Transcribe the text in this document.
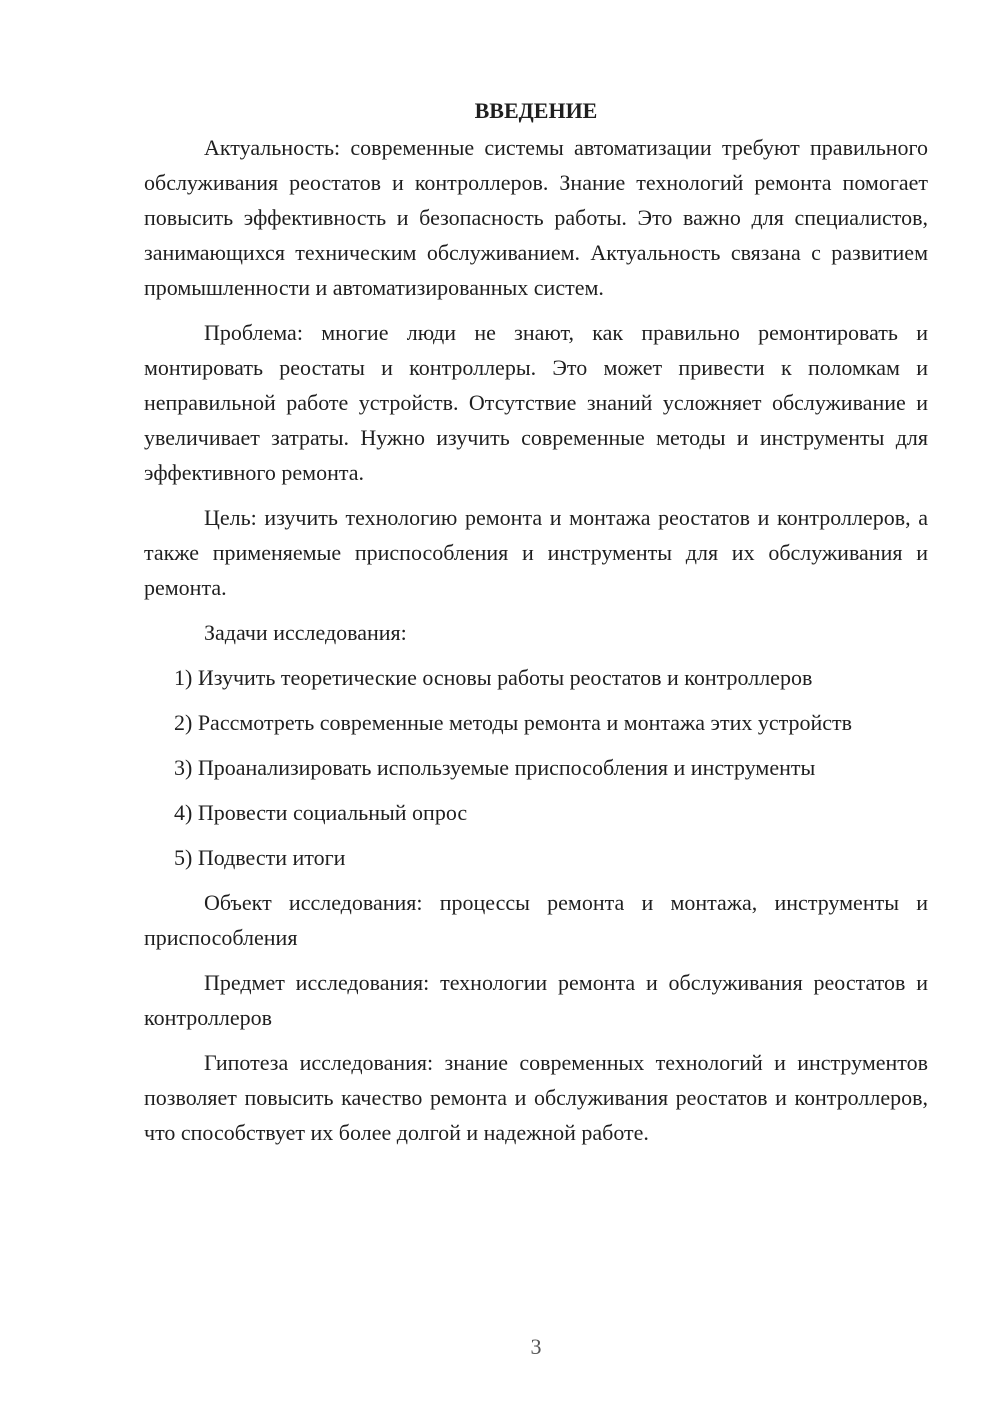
ВВЕДЕНИЕ

Актуальность: современные системы автоматизации требуют правильного обслуживания реостатов и контроллеров. Знание технологий ремонта помогает повысить эффективность и безопасность работы. Это важно для специалистов, занимающихся техническим обслуживанием. Актуальность связана с развитием промышленности и автоматизированных систем.

Проблема: многие люди не знают, как правильно ремонтировать и монтировать реостаты и контроллеры. Это может привести к поломкам и неправильной работе устройств. Отсутствие знаний усложняет обслуживание и увеличивает затраты. Нужно изучить современные методы и инструменты для эффективного ремонта.

Цель: изучить технологию ремонта и монтажа реостатов и контроллеров, а также применяемые приспособления и инструменты для их обслуживания и ремонта.

Задачи исследования:

1) Изучить теоретические основы работы реостатов и контроллеров
2) Рассмотреть современные методы ремонта и монтажа этих устройств
3) Проанализировать используемые приспособления и инструменты
4) Провести социальный опрос
5) Подвести итоги

Объект исследования: процессы ремонта и монтажа, инструменты и приспособления

Предмет исследования: технологии ремонта и обслуживания реостатов и контроллеров

Гипотеза исследования: знание современных технологий и инструментов позволяет повысить качество ремонта и обслуживания реостатов и контроллеров, что способствует их более долгой и надежной работе.

3
